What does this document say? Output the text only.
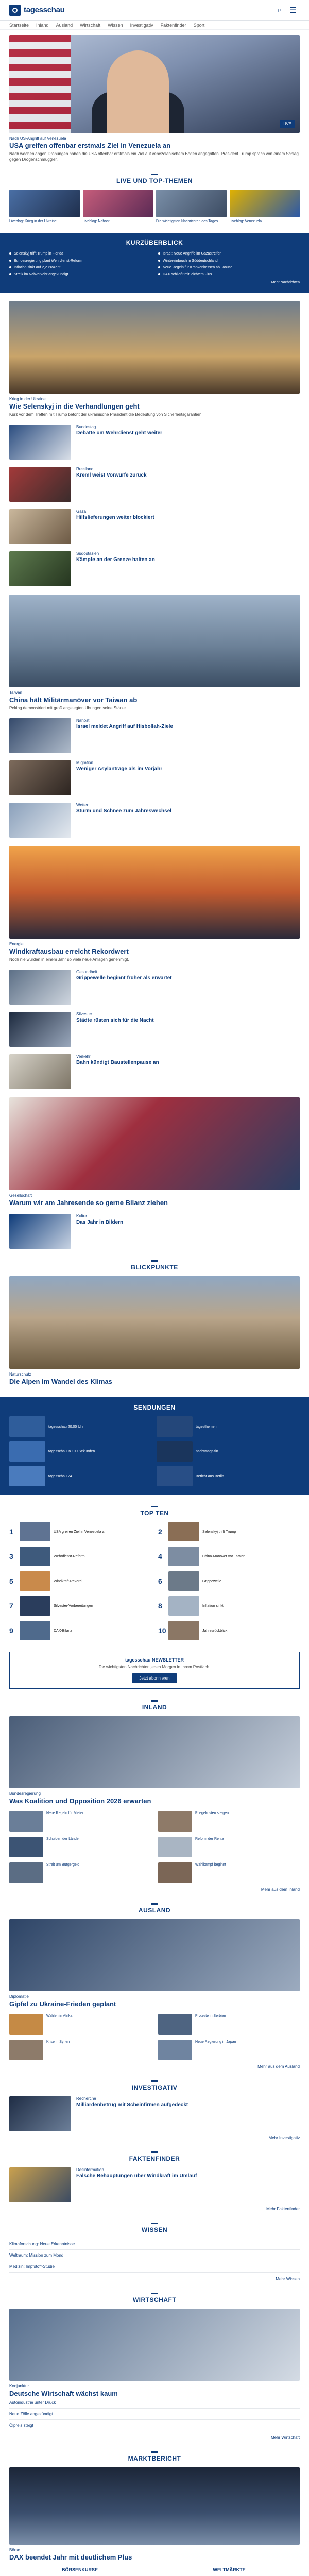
tagesschau	⌕ ☰
Startseite Inland Ausland Wirtschaft Wissen Investigativ Faktenfinder Sport
LIVE
Nach US-Angriff auf Venezuela
USA greifen offenbar erstmals Ziel in Venezuela an
Nach wochenlangen Drohungen haben die USA offenbar erstmals ein Ziel auf venezolanischem Boden angegriffen. Präsident Trump sprach von einem Schlag gegen Drogenschmuggler.
LIVE UND TOP-THEMEN
Liveblog: Krieg in der Ukraine	Liveblog: Nahost	Die wichtigsten Nachrichten des Tages	Liveblog: Venezuela
KURZÜBERBLICK
Selenskyj trifft Trump in Florida	Israel: Neue Angriffe im Gazastreifen
Bundesregierung plant Wehrdienst-Reform	Wintereinbruch in Süddeutschland
Inflation sinkt auf 2,2 Prozent	Neue Regeln für Krankenkassen ab Januar
Streik im Nahverkehr angekündigt	DAX schließt mit leichtem Plus
Mehr Nachrichten
Krieg in der Ukraine
Wie Selenskyj in die Verhandlungen geht
Kurz vor dem Treffen mit Trump betont der ukrainische Präsident die Bedeutung von Sicherheitsgarantien.
Bundestag
Debatte um Wehrdienst geht weiter
Russland
Kreml weist Vorwürfe zurück
Gaza
Hilfslieferungen weiter blockiert
Südostasien
Kämpfe an der Grenze halten an
Taiwan
China hält Militärmanöver vor Taiwan ab
Peking demonstriert mit groß angelegten Übungen seine Stärke.
Nahost
Israel meldet Angriff auf Hisbollah-Ziele
Migration
Weniger Asylanträge als im Vorjahr
Wetter
Sturm und Schnee zum Jahreswechsel
Energie
Windkraftausbau erreicht Rekordwert
Noch nie wurden in einem Jahr so viele neue Anlagen genehmigt.
Gesundheit
Grippewelle beginnt früher als erwartet
Silvester
Städte rüsten sich für die Nacht
Verkehr
Bahn kündigt Baustellenpause an
Gesellschaft
Warum wir am Jahresende so gerne Bilanz ziehen
Kultur
Das Jahr in Bildern
BLICKPUNKTE
Naturschutz
Die Alpen im Wandel des Klimas
SENDUNGEN
tagesschau 20:00 Uhr	tagesthemen
tagesschau in 100 Sekunden	nachtmagazin
tagesschau 24	Bericht aus Berlin
TOP TEN
1	USA greifen Ziel in Venezuela an	2	Selenskyj trifft Trump
3	Wehrdienst-Reform	4	China-Manöver vor Taiwan
5	Windkraft-Rekord	6	Grippewelle
7	Silvester-Vorbereitungen	8	Inflation sinkt
9	DAX-Bilanz	10	Jahresrückblick
tagesschau NEWSLETTER
Die wichtigsten Nachrichten jeden Morgen in Ihrem Postfach.
Jetzt abonnieren
INLAND
Bundesregierung
Was Koalition und Opposition 2026 erwarten
Neue Regeln für Mieter	Pflegekosten steigen
Schulden der Länder	Reform der Rente
Streit um Bürgergeld	Wahlkampf beginnt
Mehr aus dem Inland
AUSLAND
Diplomatie
Gipfel zu Ukraine-Frieden geplant
Wahlen in Afrika	Proteste in Serbien
Krise in Syrien	Neue Regierung in Japan
Mehr aus dem Ausland
INVESTIGATIV
Recherche
Milliardenbetrug mit Scheinfirmen aufgedeckt
Mehr Investigativ
FAKTENFINDER
Desinformation
Falsche Behauptungen über Windkraft im Umlauf
Mehr Faktenfinder
WISSEN
Klimaforschung: Neue Erkenntnisse
Weltraum: Mission zum Mond
Medizin: Impfstoff-Studie
Mehr Wissen
WIRTSCHAFT
Konjunktur
Deutsche Wirtschaft wächst kaum
Autoindustrie unter Druck
Neue Zölle angekündigt
Ölpreis steigt
Mehr Wirtschaft
MARKTBERICHT
Börse
DAX beendet Jahr mit deutlichem Plus
BÖRSENKURSE	WELTMÄRKTE
